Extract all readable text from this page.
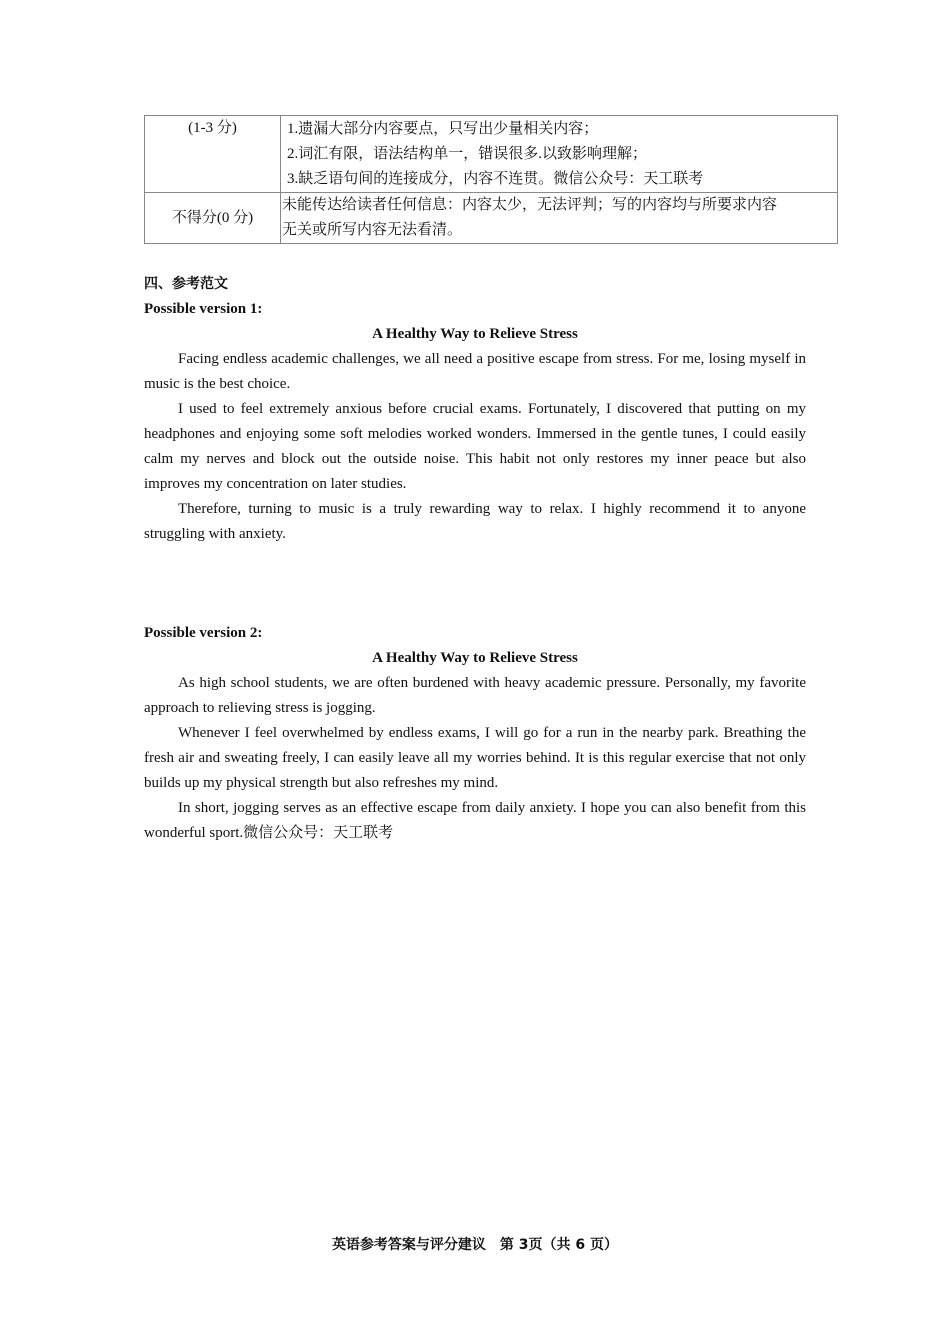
(1-3 分)	1.遗漏大部分内容要点，只写出少量相关内容；
2.词汇有限，语法结构单一，错误很多.以致影响理解；
3.缺乏语句间的连接成分，内容不连贯。微信公众号：天工联考

不得分(0 分)	未能传达给读者任何信息：内容太少，无法评判；写的内容均与所要求内容
无关或所写内容无法看清。

四、参考范文

Possible version 1:

A Healthy Way to Relieve Stress

Facing endless academic challenges, we all need a positive escape from stress. For me, losing myself in music is the best choice.

I used to feel extremely anxious before crucial exams. Fortunately, I discovered that putting on my headphones and enjoying some soft melodies worked wonders. Immersed in the gentle tunes, I could easily calm my nerves and block out the outside noise. This habit not only restores my inner peace but also improves my concentration on later studies.

Therefore, turning to music is a truly rewarding way to relax. I highly recommend it to anyone struggling with anxiety.

Possible version 2:

A Healthy Way to Relieve Stress

As high school students, we are often burdened with heavy academic pressure. Personally, my favorite approach to relieving stress is jogging.

Whenever I feel overwhelmed by endless exams, I will go for a run in the nearby park. Breathing the fresh air and sweating freely, I can easily leave all my worries behind. It is this regular exercise that not only builds up my physical strength but also refreshes my mind.

In short, jogging serves as an effective escape from daily anxiety. I hope you can also benefit from this wonderful sport.微信公众号：天工联考

英语参考答案与评分建议　第 3页（共 6 页）
